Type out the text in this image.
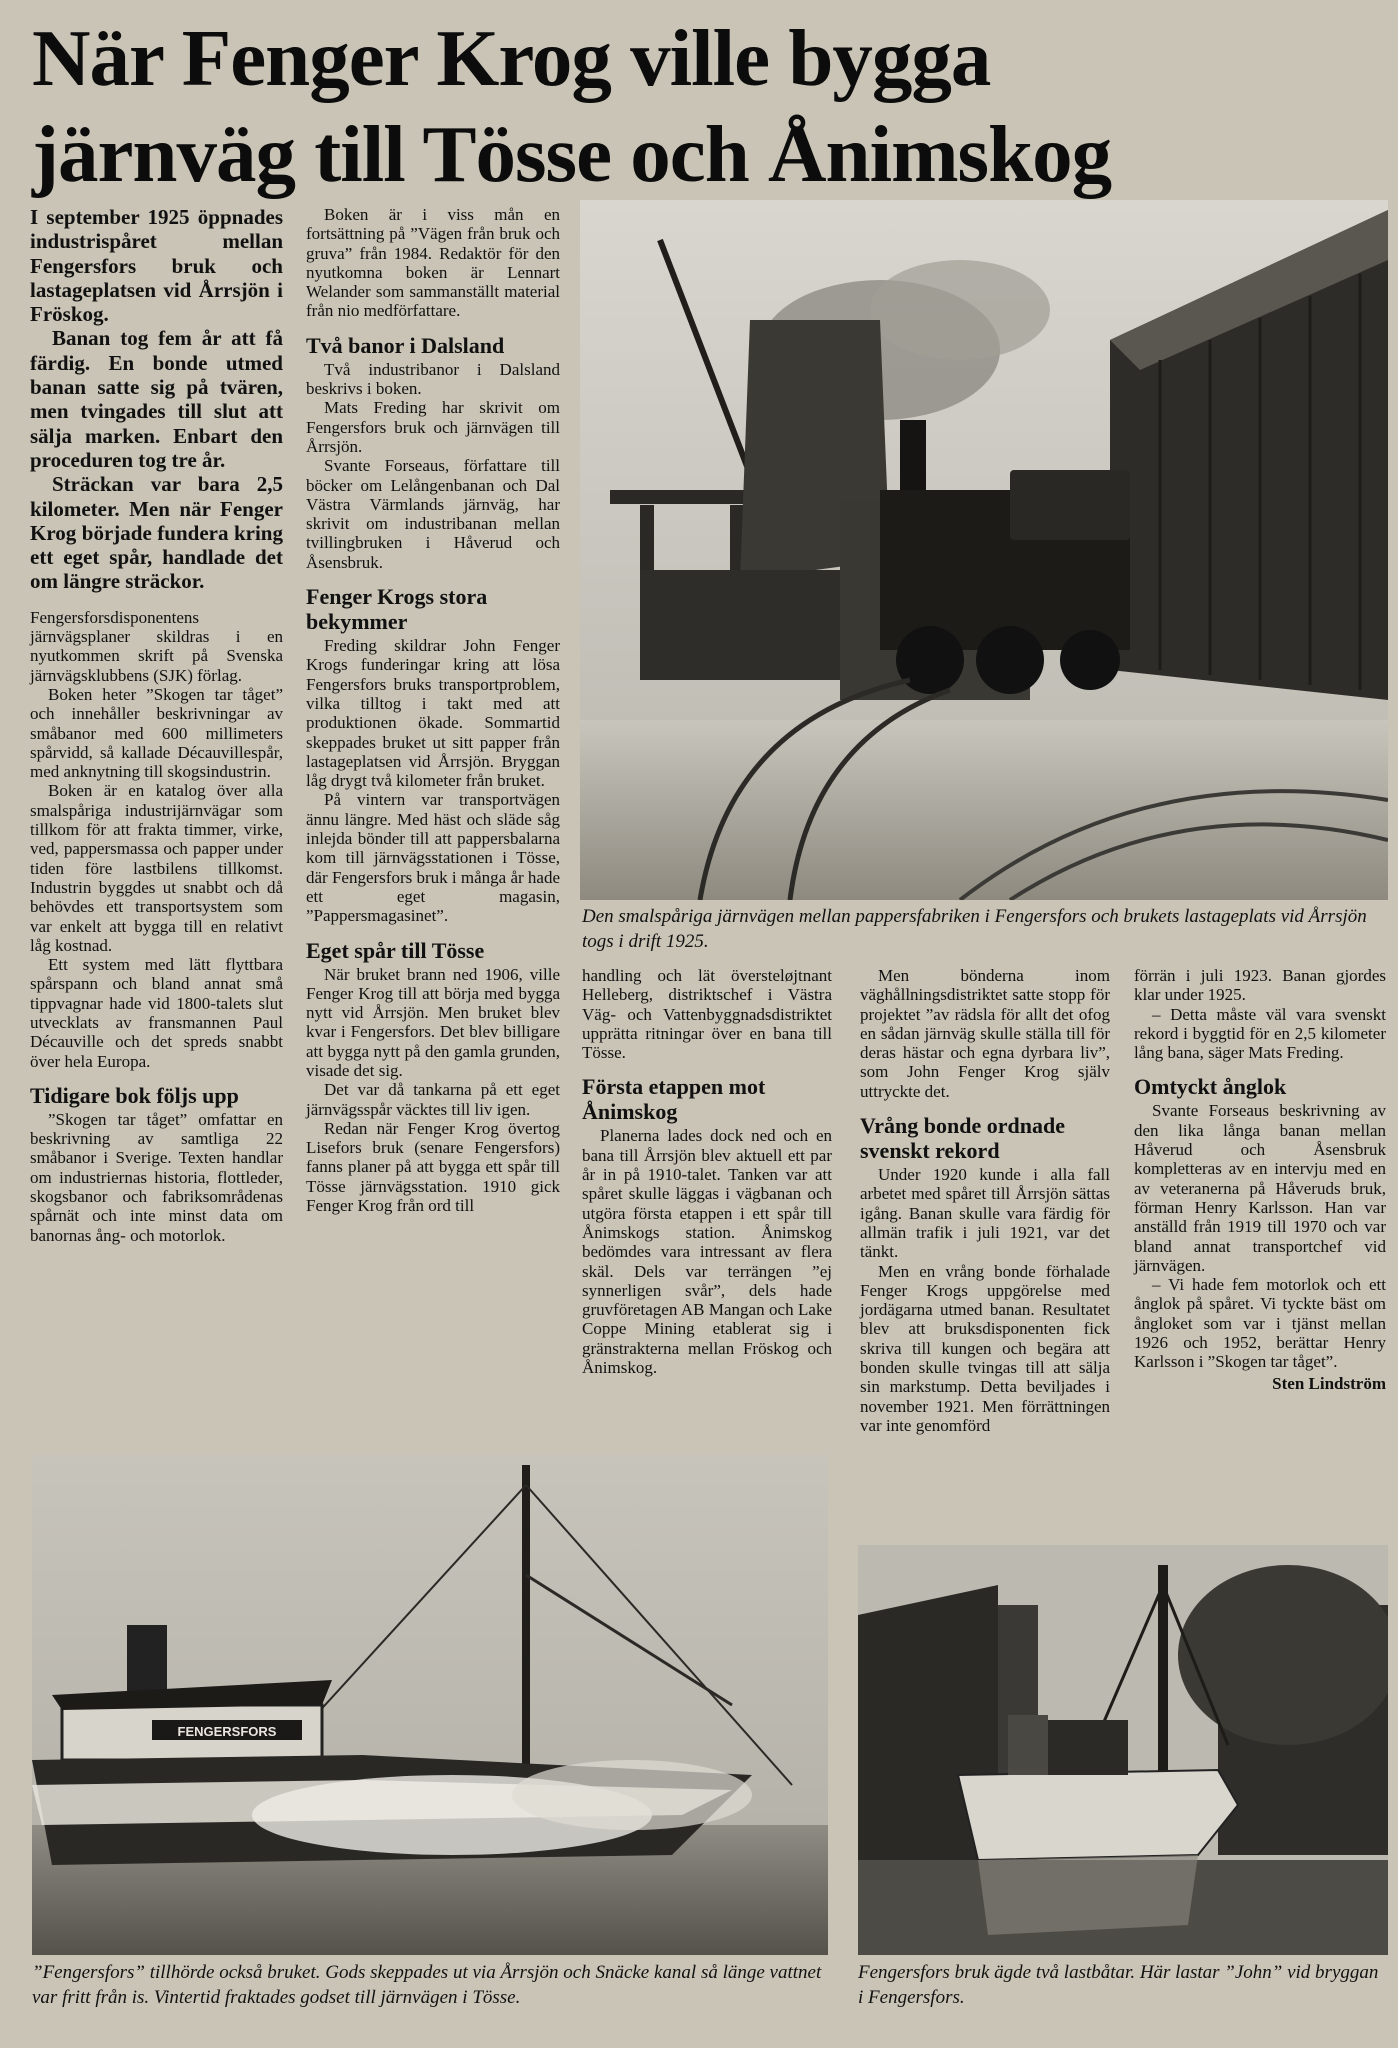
När Fenger Krog ville bygga
järnväg till Tösse och Ånimskog

I september 1925 öppnades industrispåret mellan Fengersfors bruk och lastageplatsen vid Årrsjön i Fröskog.

Banan tog fem år att få färdig. En bonde utmed banan satte sig på tvären, men tvingades till slut att sälja marken. Enbart den proceduren tog tre år.

Sträckan var bara 2,5 kilometer. Men när Fenger Krog började fundera kring ett eget spår, handlade det om längre sträckor.

Fengersforsdisponentens järnvägsplaner skildras i en nyutkommen skrift på Svenska järnvägsklubbens (SJK) förlag.

Boken heter ”Skogen tar tåget” och innehåller beskrivningar av småbanor med 600 millimeters spårvidd, så kallade Décauvillespår, med anknytning till skogsindustrin.

Boken är en katalog över alla smalspåriga industrijärnvägar som tillkom för att frakta timmer, virke, ved, pappersmassa och papper under tiden före lastbilens tillkomst. Industrin byggdes ut snabbt och då behövdes ett transportsystem som var enkelt att bygga till en relativt låg kostnad.

Ett system med lätt flyttbara spårspann och bland annat små tippvagnar hade vid 1800-talets slut utvecklats av fransmannen Paul Décauville och det spreds snabbt över hela Europa.

Tidigare bok följs upp

”Skogen tar tåget” omfattar en beskrivning av samtliga 22 småbanor i Sverige. Texten handlar om industriernas historia, flottleder, skogsbanor och fabriksområdenas spårnät och inte minst data om banornas ång- och motorlok.

Boken är i viss mån en fortsättning på ”Vägen från bruk och gruva” från 1984. Redaktör för den nyutkomna boken är Lennart Welander som sammanställt material från nio medförfattare.

Två banor i Dalsland

Två industribanor i Dalsland beskrivs i boken.

Mats Freding har skrivit om Fengersfors bruk och järnvägen till Årrsjön.

Svante Forseaus, författare till böcker om Lelångenbanan och Dal Västra Värmlands järnväg, har skrivit om industribanan mellan tvillingbruken i Håverud och Åsensbruk.

Fenger Krogs stora bekymmer

Freding skildrar John Fenger Krogs funderingar kring att lösa Fengersfors bruks transportproblem, vilka tilltog i takt med att produktionen ökade. Sommartid skeppades bruket ut sitt papper från lastageplatsen vid Årrsjön. Bryggan låg drygt två kilometer från bruket.

På vintern var transportvägen ännu längre. Med häst och släde såg inlejda bönder till att pappersbalarna kom till järnvägsstationen i Tösse, där Fengersfors bruk i många år hade ett eget magasin, ”Pappersmagasinet”.

Eget spår till Tösse

När bruket brann ned 1906, ville Fenger Krog till att börja med bygga nytt vid Årrsjön. Men bruket blev kvar i Fengersfors. Det blev billigare att bygga nytt på den gamla grunden, visade det sig.

Det var då tankarna på ett eget järnvägsspår väcktes till liv igen.

Redan när Fenger Krog övertog Lisefors bruk (senare Fengersfors) fanns planer på att bygga ett spår till Tösse järnvägsstation. 1910 gick Fenger Krog från ord till

Den smalspåriga järnvägen mellan pappersfabriken i Fengersfors och brukets lastageplats vid Årrsjön togs i drift 1925.

handling och lät översteløjtnant Helleberg, distriktschef i Västra Väg- och Vattenbyggnadsdistriktet upprätta ritningar över en bana till Tösse.

Första etappen mot Ånimskog

Planerna lades dock ned och en bana till Årrsjön blev aktuell ett par år in på 1910-talet. Tanken var att spåret skulle läggas i vägbanan och utgöra första etappen i ett spår till Ånimskogs station. Ånimskog bedömdes vara intressant av flera skäl. Dels var terrängen ”ej synnerligen svår”, dels hade gruvföretagen AB Mangan och Lake Coppe Mining etablerat sig i gränstrakterna mellan Fröskog och Ånimskog.

Men bönderna inom väghållningsdistriktet satte stopp för projektet ”av rädsla för allt det ofog en sådan järnväg skulle ställa till för deras hästar och egna dyrbara liv”, som John Fenger Krog själv uttryckte det.

Vrång bonde ordnade svenskt rekord

Under 1920 kunde i alla fall arbetet med spåret till Årrsjön sättas igång. Banan skulle vara färdig för allmän trafik i juli 1921, var det tänkt.

Men en vrång bonde förhalade Fenger Krogs uppgörelse med jordägarna utmed banan. Resultatet blev att bruksdisponenten fick skriva till kungen och begära att bonden skulle tvingas till att sälja sin markstump. Detta beviljades i november 1921. Men förrättningen var inte genomförd

förrän i juli 1923. Banan gjordes klar under 1925.

– Detta måste väl vara svenskt rekord i byggtid för en 2,5 kilometer lång bana, säger Mats Freding.

Omtyckt ånglok

Svante Forseaus beskrivning av den lika långa banan mellan Håverud och Åsensbruk kompletteras av en intervju med en av veteranerna på Håveruds bruk, förman Henry Karlsson. Han var anställd från 1919 till 1970 och var bland annat transportchef vid järnvägen.

– Vi hade fem motorlok och ett ånglok på spåret. Vi tyckte bäst om ångloket som var i tjänst mellan 1926 och 1952, berättar Henry Karlsson i ”Skogen tar tåget”.

Sten Lindström
FENGERSFORS
”Fengersfors” tillhörde också bruket. Gods skeppades ut via Årrsjön och Snäcke kanal så länge vattnet var fritt från is. Vintertid fraktades godset till järnvägen i Tösse.
Fengersfors bruk ägde två lastbåtar. Här lastar ”John” vid bryggan i Fengersfors.
